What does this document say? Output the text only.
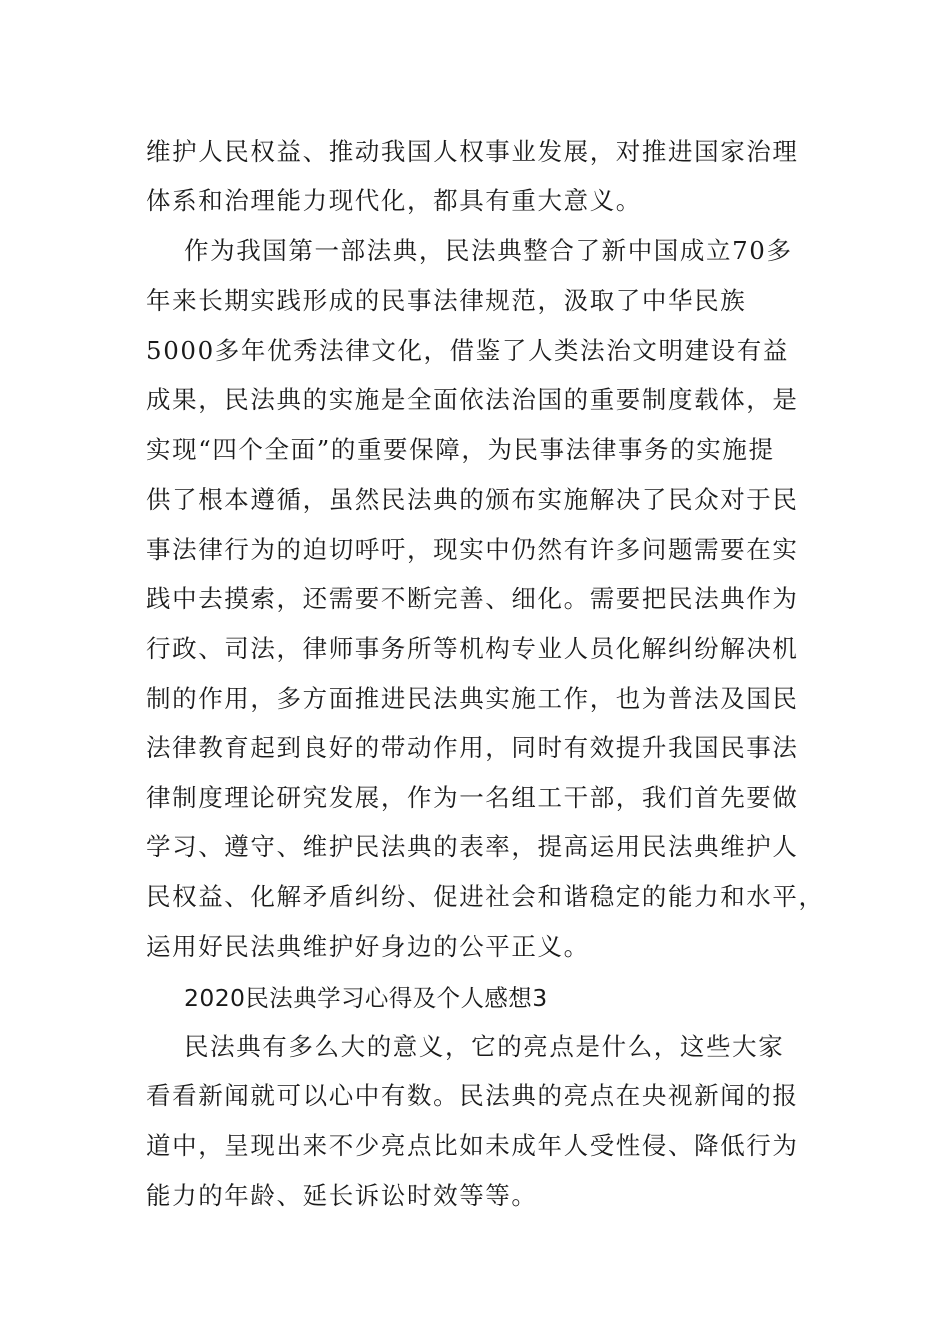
维护人民权益、推动我国人权事业发展，对推进国家治理
体系和治理能力现代化，都具有重大意义。
作为我国第一部法典，民法典整合了新中国成立70多
年来长期实践形成的民事法律规范，汲取了中华民族
5000多年优秀法律文化，借鉴了人类法治文明建设有益
成果，民法典的实施是全面依法治国的重要制度载体，是
实现“四个全面”的重要保障，为民事法律事务的实施提
供了根本遵循，虽然民法典的颁布实施解决了民众对于民
事法律行为的迫切呼吁，现实中仍然有许多问题需要在实
践中去摸索，还需要不断完善、细化。需要把民法典作为
行政、司法，律师事务所等机构专业人员化解纠纷解决机
制的作用，多方面推进民法典实施工作，也为普法及国民
法律教育起到良好的带动作用，同时有效提升我国民事法
律制度理论研究发展，作为一名组工干部，我们首先要做
学习、遵守、维护民法典的表率，提高运用民法典维护人
民权益、化解矛盾纠纷、促进社会和谐稳定的能力和水平，
运用好民法典维护好身边的公平正义。
2020民法典学习心得及个人感想3
民法典有多么大的意义，它的亮点是什么，这些大家
看看新闻就可以心中有数。民法典的亮点在央视新闻的报
道中，呈现出来不少亮点比如未成年人受性侵、降低行为
能力的年龄、延长诉讼时效等等。
